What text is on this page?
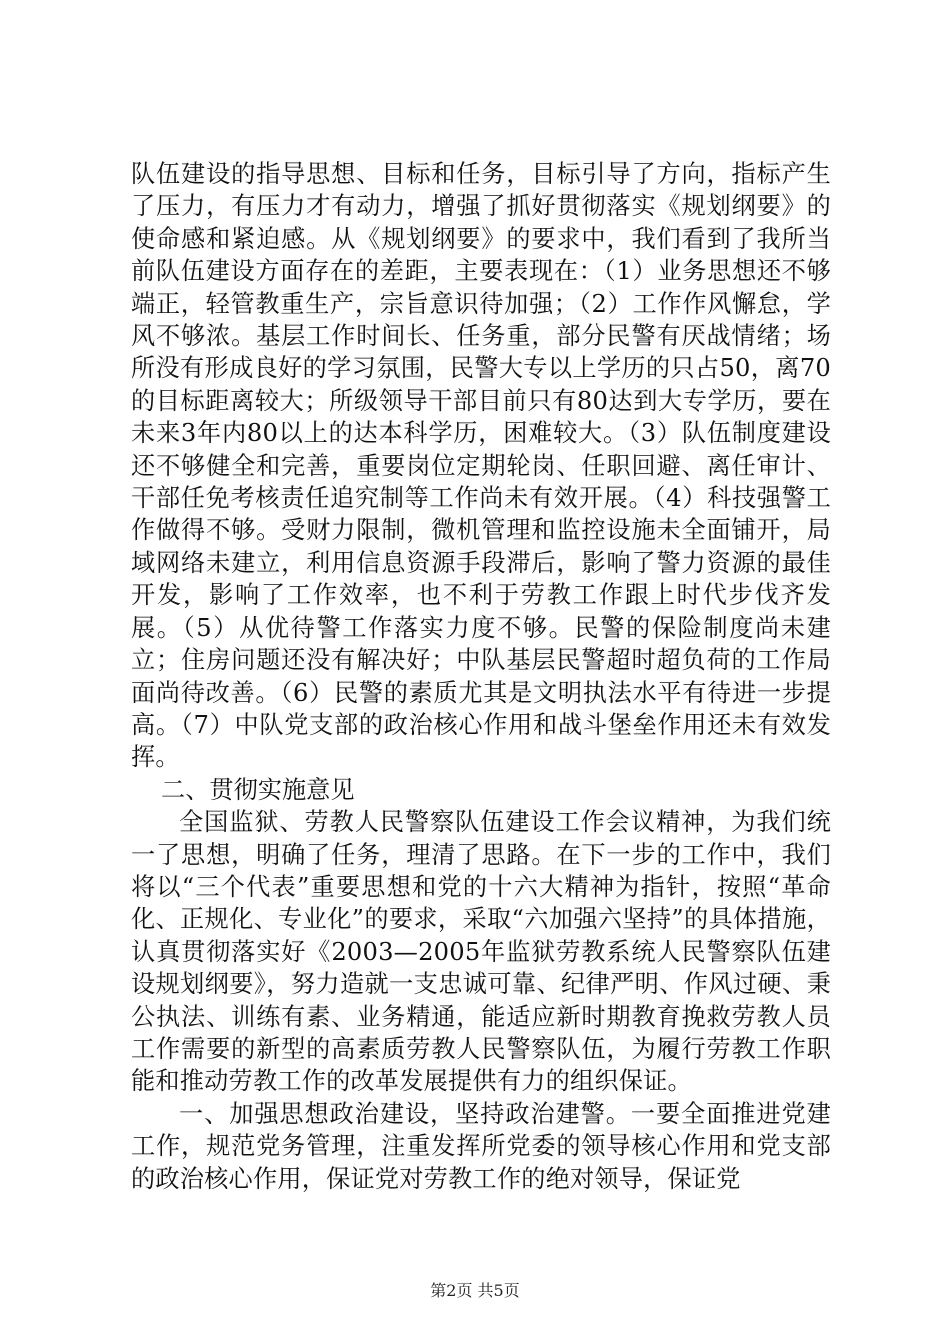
队伍建设的指导思想、目标和任务，目标引导了方向，指标产生了压力，有压力才有动力，增强了抓好贯彻落实《规划纲要》的使命感和紧迫感。从《规划纲要》的要求中，我们看到了我所当前队伍建设方面存在的差距，主要表现在：（1）业务思想还不够端正，轻管教重生产，宗旨意识待加强；（2）工作作风懈怠，学风不够浓。基层工作时间长、任务重，部分民警有厌战情绪；场所没有形成良好的学习氛围，民警大专以上学历的只占50，离70的目标距离较大；所级领导干部目前只有80达到大专学历，要在未来3年内80以上的达本科学历，困难较大。（3）队伍制度建设还不够健全和完善，重要岗位定期轮岗、任职回避、离任审计、干部任免考核责任追究制等工作尚未有效开展。（4）科技强警工作做得不够。受财力限制，微机管理和监控设施未全面铺开，局域网络未建立，利用信息资源手段滞后，影响了警力资源的最佳开发，影响了工作效率，也不利于劳教工作跟上时代步伐齐发展。（5）从优待警工作落实力度不够。民警的保险制度尚未建立；住房问题还没有解决好；中队基层民警超时超负荷的工作局面尚待改善。（6）民警的素质尤其是文明执法水平有待进一步提高。（7）中队党支部的政治核心作用和战斗堡垒作用还未有效发挥。

二、贯彻实施意见

全国监狱、劳教人民警察队伍建设工作会议精神，为我们统一了思想，明确了任务，理清了思路。在下一步的工作中，我们将以“三个代表”重要思想和党的十六大精神为指针，按照“革命化、正规化、专业化”的要求，采取“六加强六坚持”的具体措施，认真贯彻落实好《2003—2005年监狱劳教系统人民警察队伍建设规划纲要》，努力造就一支忠诚可靠、纪律严明、作风过硬、秉公执法、训练有素、业务精通，能适应新时期教育挽救劳教人员工作需要的新型的高素质劳教人民警察队伍，为履行劳教工作职能和推动劳教工作的改革发展提供有力的组织保证。

一、加强思想政治建设，坚持政治建警。一要全面推进党建工作，规范党务管理，注重发挥所党委的领导核心作用和党支部的政治核心作用，保证党对劳教工作的绝对领导，保证党

第2页 共5页
